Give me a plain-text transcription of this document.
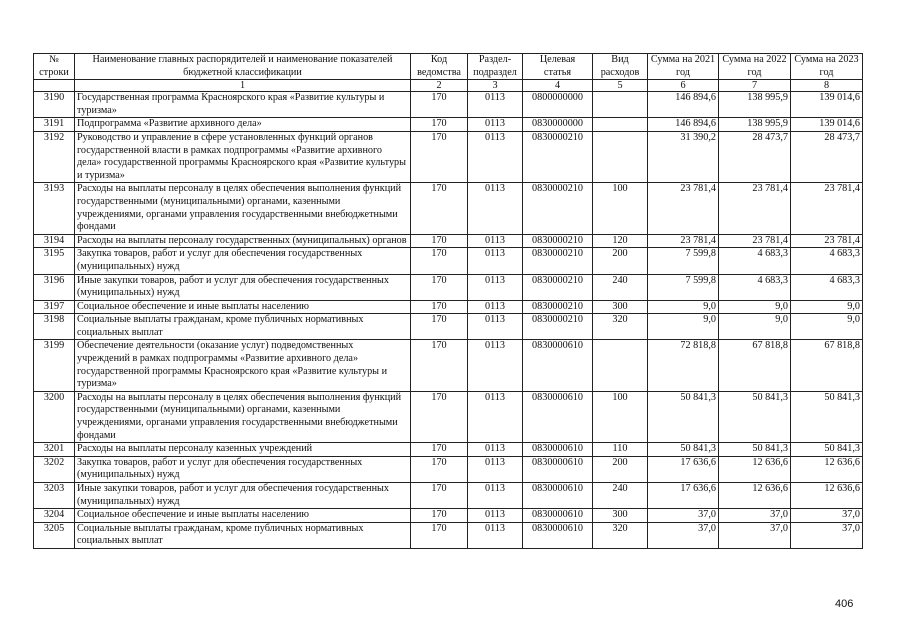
№ строки	Наименование главных распорядителей и наименование показателей бюджетной классификации	Код ведомства	Раздел-подраздел	Целевая статья	Вид расходов	Сумма на 2021 год	Сумма на 2022 год	Сумма на 2023 год
	1	2	3	4	5	6	7	8
3190	Государственная программа Красноярского края «Развитие культуры и туризма»	170	0113	0800000000		146 894,6	138 995,9	139 014,6
3191	Подпрограмма «Развитие архивного дела»	170	0113	0830000000		146 894,6	138 995,9	139 014,6
3192	Руководство и управление в сфере установленных функций органов государственной власти в рамках подпрограммы «Развитие архивного дела» государственной программы Красноярского края «Развитие культуры и туризма»	170	0113	0830000210		31 390,2	28 473,7	28 473,7
3193	Расходы на выплаты персоналу в целях обеспечения выполнения функций государственными (муниципальными) органами, казенными учреждениями, органами управления государственными внебюджетными фондами	170	0113	0830000210	100	23 781,4	23 781,4	23 781,4
3194	Расходы на выплаты персоналу государственных (муниципальных) органов	170	0113	0830000210	120	23 781,4	23 781,4	23 781,4
3195	Закупка товаров, работ и услуг для обеспечения государственных (муниципальных) нужд	170	0113	0830000210	200	7 599,8	4 683,3	4 683,3
3196	Иные закупки товаров, работ и услуг для обеспечения государственных (муниципальных) нужд	170	0113	0830000210	240	7 599,8	4 683,3	4 683,3
3197	Социальное обеспечение и иные выплаты населению	170	0113	0830000210	300	9,0	9,0	9,0
3198	Социальные выплаты гражданам, кроме публичных нормативных социальных выплат	170	0113	0830000210	320	9,0	9,0	9,0
3199	Обеспечение деятельности (оказание услуг) подведомственных учреждений в рамках подпрограммы «Развитие архивного дела» государственной программы Красноярского края «Развитие культуры и туризма»	170	0113	0830000610		72 818,8	67 818,8	67 818,8
3200	Расходы на выплаты персоналу в целях обеспечения выполнения функций государственными (муниципальными) органами, казенными учреждениями, органами управления государственными внебюджетными фондами	170	0113	0830000610	100	50 841,3	50 841,3	50 841,3
3201	Расходы на выплаты персоналу казенных учреждений	170	0113	0830000610	110	50 841,3	50 841,3	50 841,3
3202	Закупка товаров, работ и услуг для обеспечения государственных (муниципальных) нужд	170	0113	0830000610	200	17 636,6	12 636,6	12 636,6
3203	Иные закупки товаров, работ и услуг для обеспечения государственных (муниципальных) нужд	170	0113	0830000610	240	17 636,6	12 636,6	12 636,6
3204	Социальное обеспечение и иные выплаты населению	170	0113	0830000610	300	37,0	37,0	37,0
3205	Социальные выплаты гражданам, кроме публичных нормативных социальных выплат	170	0113	0830000610	320	37,0	37,0	37,0
406
